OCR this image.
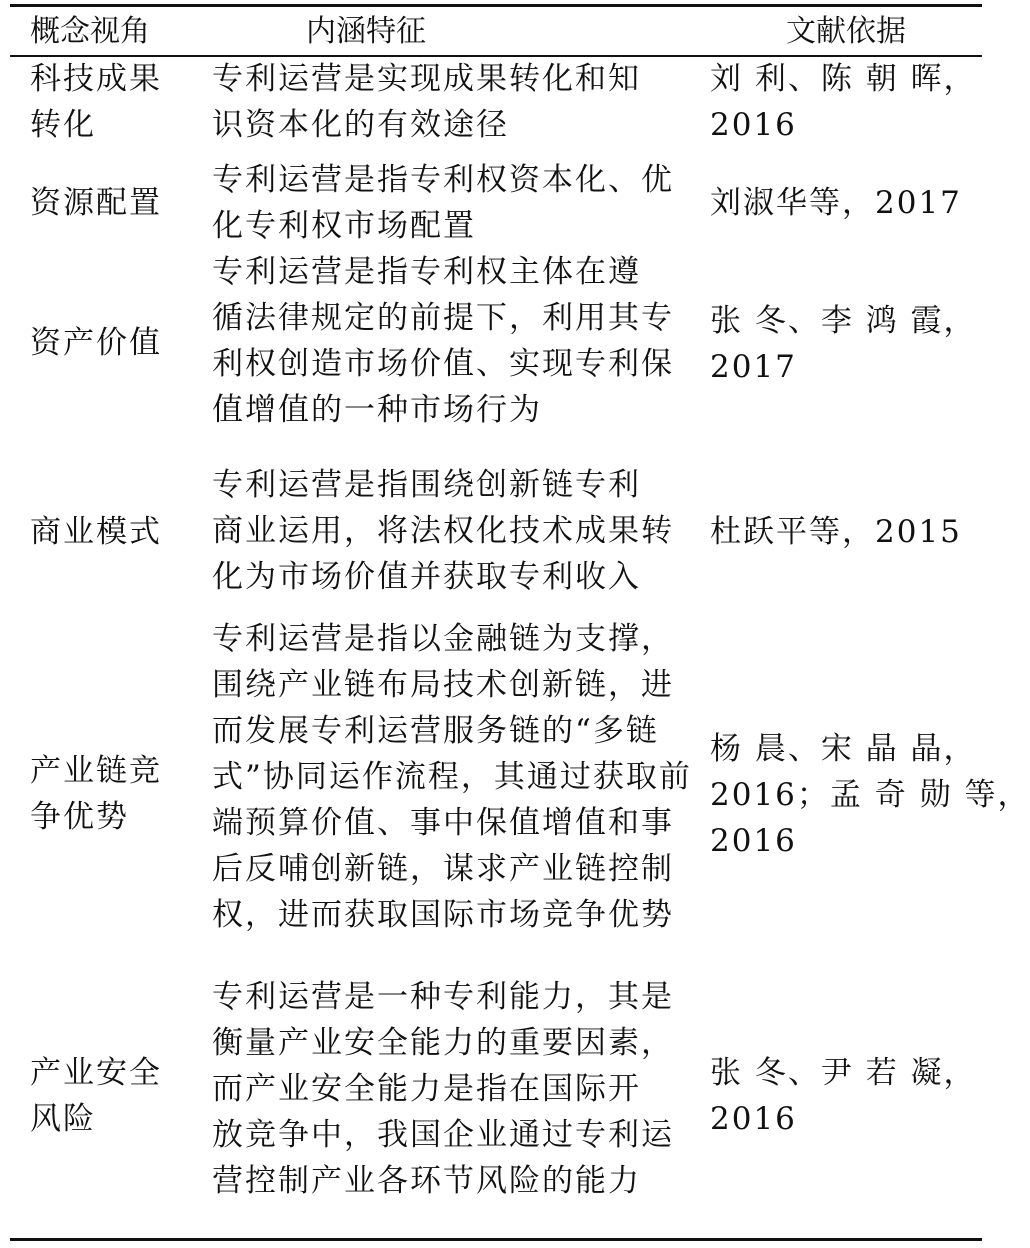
概念视角	内涵特征	文献依据
科技成果
转化
专利运营是实现成果转化和知
识资本化的有效途径
刘 利、陈 朝 晖，
2016
资源配置
专利运营是指专利权资本化、优
化专利权市场配置
刘淑华等，2017
资产价值
专利运营是指专利权主体在遵
循法律规定的前提下，利用其专
利权创造市场价值、实现专利保
值增值的一种市场行为
张 冬、李 鸿 霞，
2017
商业模式
专利运营是指围绕创新链专利
商业运用，将法权化技术成果转
化为市场价值并获取专利收入
杜跃平等，2015
产业链竞
争优势
专利运营是指以金融链为支撑，
围绕产业链布局技术创新链，进
而发展专利运营服务链的“多链
式”协同运作流程，其通过获取前
端预算价值、事中保值增值和事
后反哺创新链，谋求产业链控制
权，进而获取国际市场竞争优势
杨 晨、宋 晶 晶，
2016；孟 奇 勋 等，
2016
产业安全
风险
专利运营是一种专利能力，其是
衡量产业安全能力的重要因素，
而产业安全能力是指在国际开
放竞争中，我国企业通过专利运
营控制产业各环节风险的能力
张 冬、尹 若 凝，
2016
